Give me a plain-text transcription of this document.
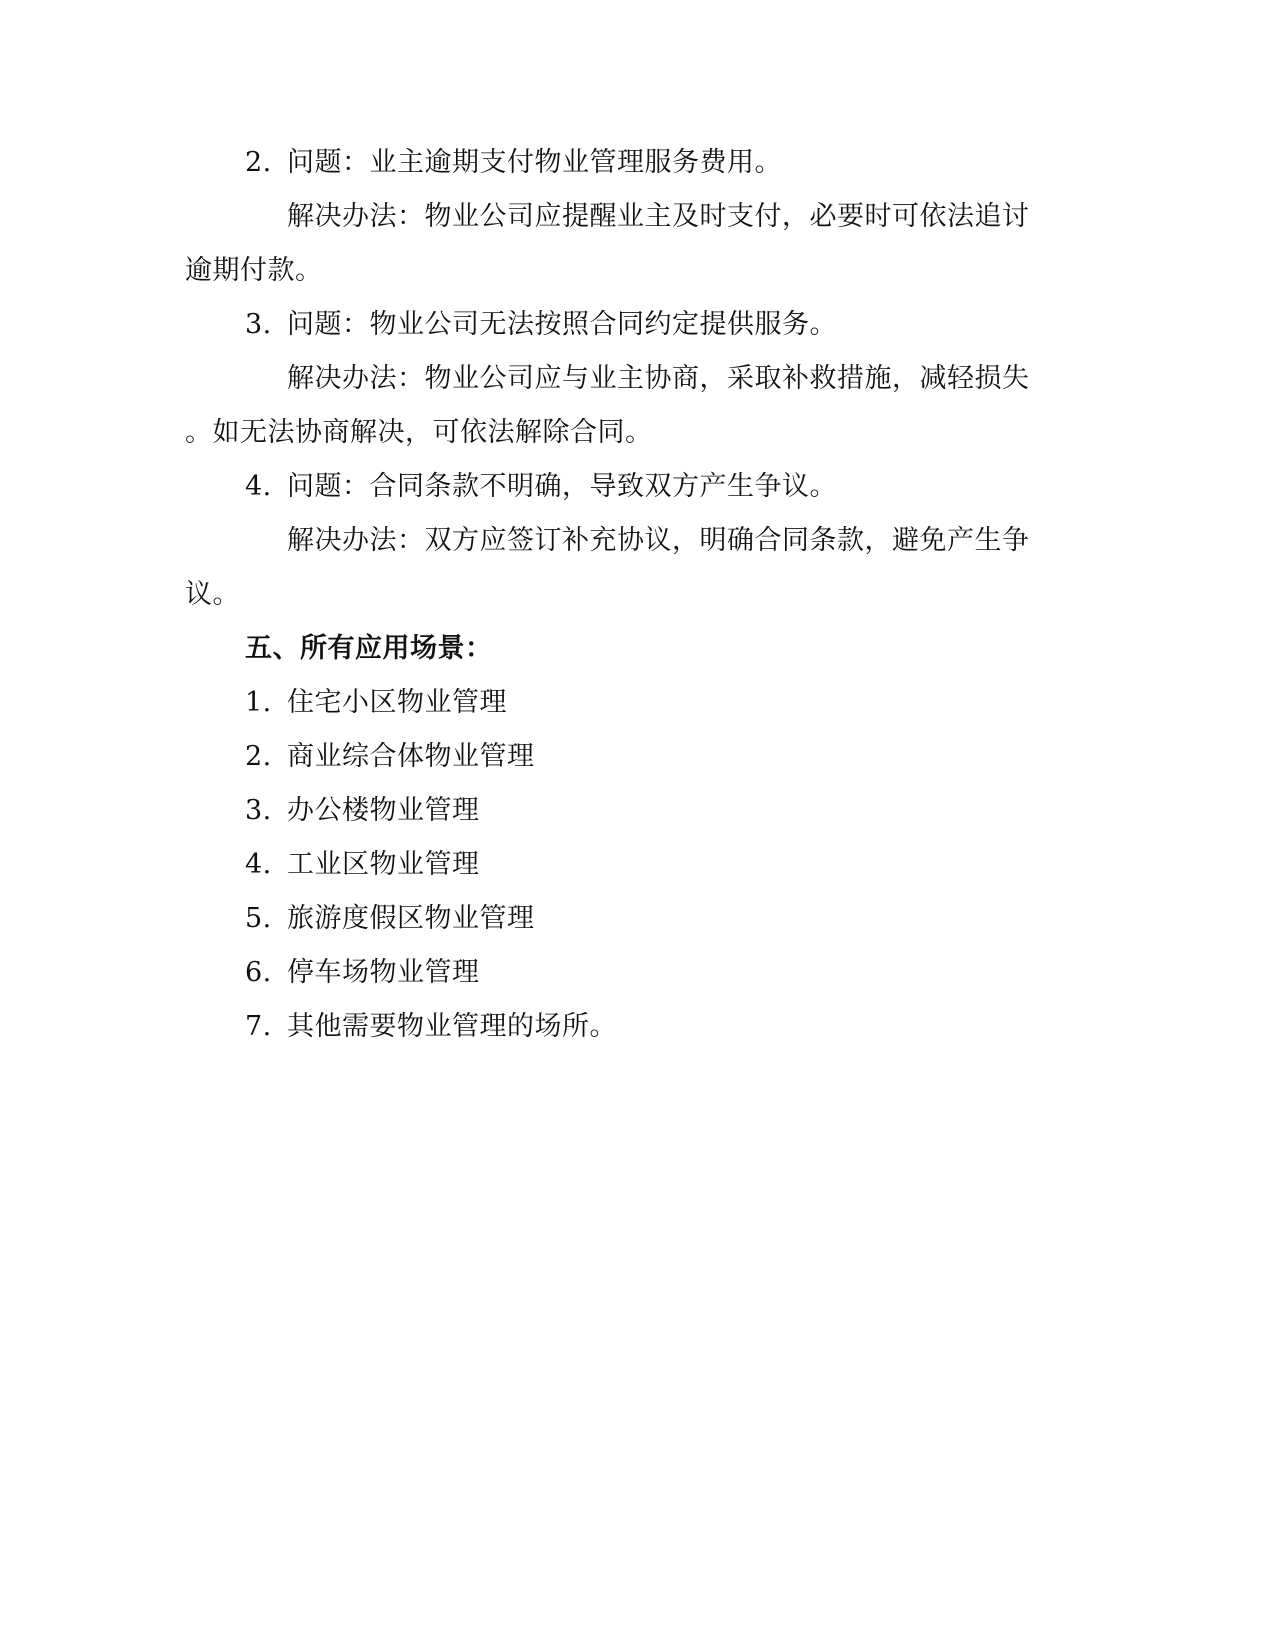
2. 问题：业主逾期支付物业管理服务费用。
解决办法：物业公司应提醒业主及时支付，必要时可依法追讨
逾期付款。
3. 问题：物业公司无法按照合同约定提供服务。
解决办法：物业公司应与业主协商，采取补救措施，减轻损失
。如无法协商解决，可依法解除合同。
4. 问题：合同条款不明确，导致双方产生争议。
解决办法：双方应签订补充协议，明确合同条款，避免产生争
议。
五、所有应用场景：
1. 住宅小区物业管理
2. 商业综合体物业管理
3. 办公楼物业管理
4. 工业区物业管理
5. 旅游度假区物业管理
6. 停车场物业管理
7. 其他需要物业管理的场所。
